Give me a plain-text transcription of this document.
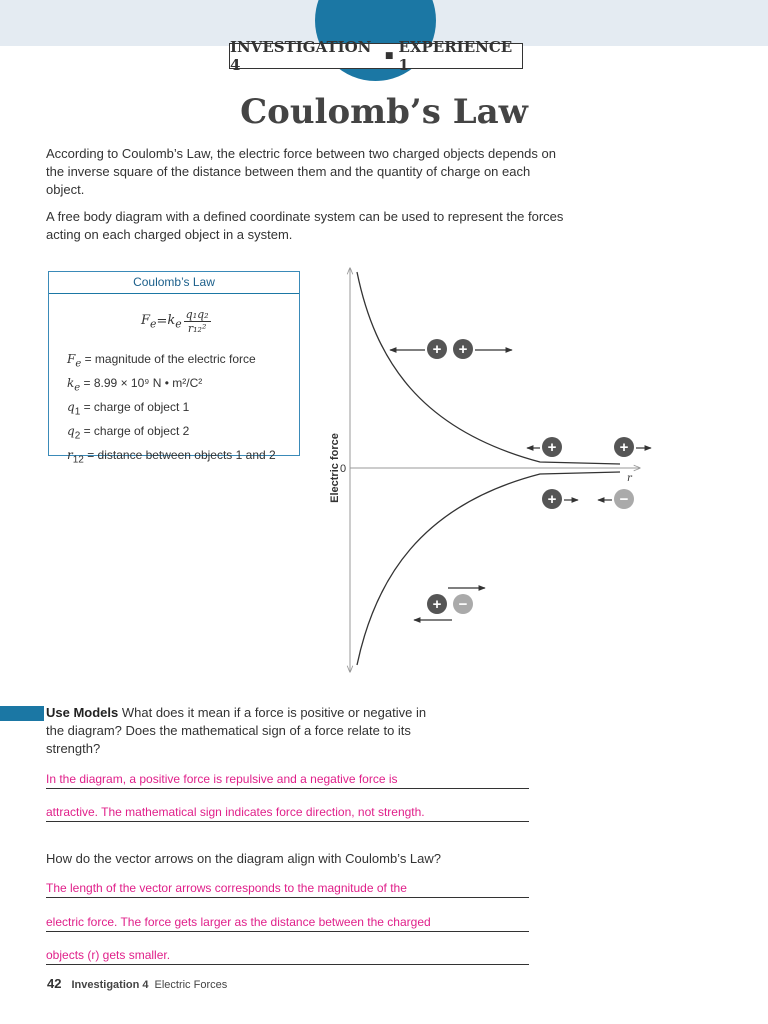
INVESTIGATION 4	■ EXPERIENCE 1
Coulomb’s Law

According to Coulomb’s Law, the electric force between two charged objects depends on the inverse square of the distance between them and the quantity of charge on each object.

A free body diagram with a defined coordinate system can be used to represent the forces acting on each charged object in a system.

Coulomb’s Law
$F_e = k_e \frac{\text{q₁q₂}}{\text{r₁₂²}}$
$F_e$ = magnitude of the electric force
$k_e = 8.99 \times 10^9$ N • m²/C²
$q_1$ = charge of object 1
$q_2$ = charge of object 2
$r_{12}$ = distance between objects 1 and 2
0
r
Electric force
+ +
+	+
+	−
+ −

Use Models What does it mean if a force is positive or negative in the diagram? Does the mathematical sign of a force relate to its strength?

In the diagram, a positive force is repulsive and a negative force is
attractive. The mathematical sign indicates force direction, not strength.

How do the vector arrows on the diagram align with Coulomb’s Law?

The length of the vector arrows corresponds to the magnitude of the
electric force. The force gets larger as the distance between the charged
objects (r) gets smaller.
42 Investigation 4 Electric Forces
